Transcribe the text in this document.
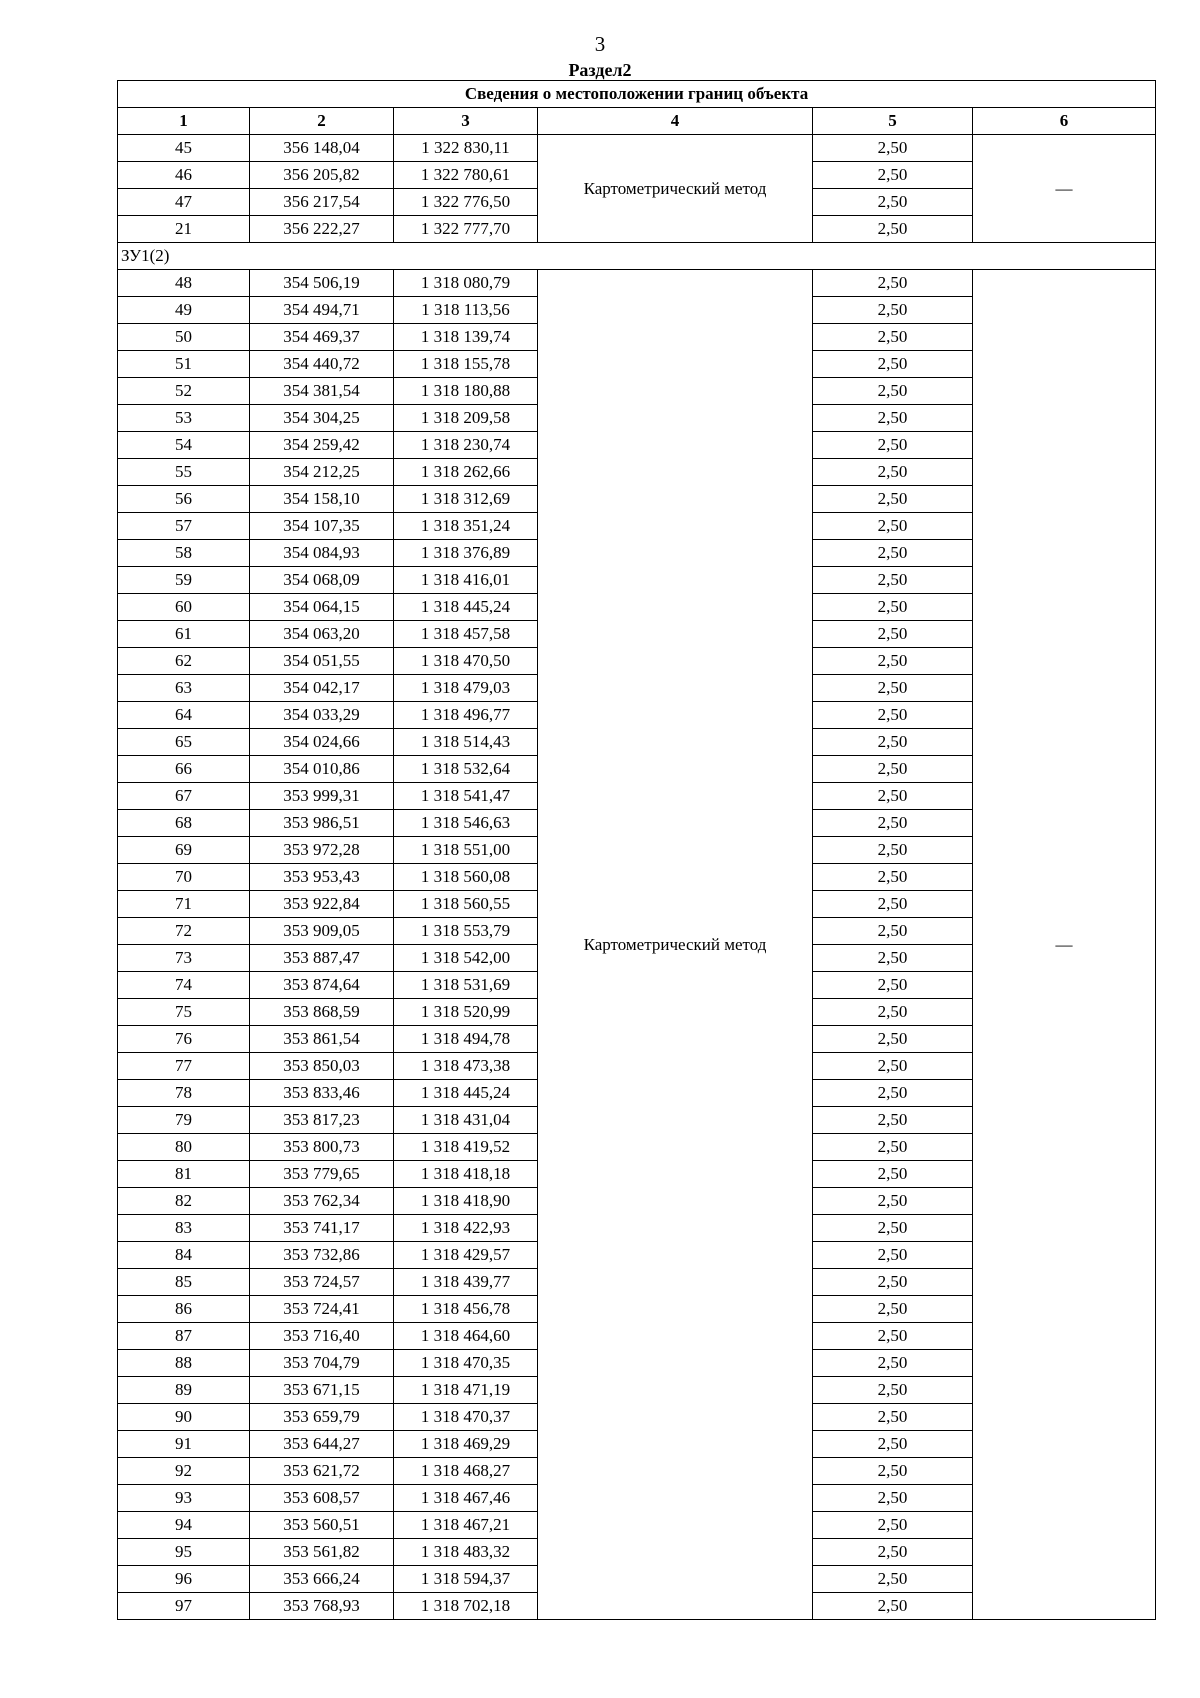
3
Раздел2
Сведения о местоположении границ объекта					
1	2	3	4	5	6
45	356 148,04	1 322 830,11	Картометрический метод	2,50	—
46	356 205,82	1 322 780,61		2,50	
47	356 217,54	1 322 776,50		2,50	
21	356 222,27	1 322 777,70		2,50	
ЗУ1(2)					
48	354 506,19	1 318 080,79	Картометрический метод	2,50	—
49	354 494,71	1 318 113,56		2,50	
50	354 469,37	1 318 139,74		2,50	
51	354 440,72	1 318 155,78		2,50	
52	354 381,54	1 318 180,88		2,50	
53	354 304,25	1 318 209,58		2,50	
54	354 259,42	1 318 230,74		2,50	
55	354 212,25	1 318 262,66		2,50	
56	354 158,10	1 318 312,69		2,50	
57	354 107,35	1 318 351,24		2,50	
58	354 084,93	1 318 376,89		2,50	
59	354 068,09	1 318 416,01		2,50	
60	354 064,15	1 318 445,24		2,50	
61	354 063,20	1 318 457,58		2,50	
62	354 051,55	1 318 470,50		2,50	
63	354 042,17	1 318 479,03		2,50	
64	354 033,29	1 318 496,77		2,50	
65	354 024,66	1 318 514,43		2,50	
66	354 010,86	1 318 532,64		2,50	
67	353 999,31	1 318 541,47		2,50	
68	353 986,51	1 318 546,63		2,50	
69	353 972,28	1 318 551,00		2,50	
70	353 953,43	1 318 560,08		2,50	
71	353 922,84	1 318 560,55		2,50	
72	353 909,05	1 318 553,79		2,50	
73	353 887,47	1 318 542,00		2,50	
74	353 874,64	1 318 531,69		2,50	
75	353 868,59	1 318 520,99		2,50	
76	353 861,54	1 318 494,78		2,50	
77	353 850,03	1 318 473,38		2,50	
78	353 833,46	1 318 445,24		2,50	
79	353 817,23	1 318 431,04		2,50	
80	353 800,73	1 318 419,52		2,50	
81	353 779,65	1 318 418,18		2,50	
82	353 762,34	1 318 418,90		2,50	
83	353 741,17	1 318 422,93		2,50	
84	353 732,86	1 318 429,57		2,50	
85	353 724,57	1 318 439,77		2,50	
86	353 724,41	1 318 456,78		2,50	
87	353 716,40	1 318 464,60		2,50	
88	353 704,79	1 318 470,35		2,50	
89	353 671,15	1 318 471,19		2,50	
90	353 659,79	1 318 470,37		2,50	
91	353 644,27	1 318 469,29		2,50	
92	353 621,72	1 318 468,27		2,50	
93	353 608,57	1 318 467,46		2,50	
94	353 560,51	1 318 467,21		2,50	
95	353 561,82	1 318 483,32		2,50	
96	353 666,24	1 318 594,37		2,50	
97	353 768,93	1 318 702,18		2,50	
